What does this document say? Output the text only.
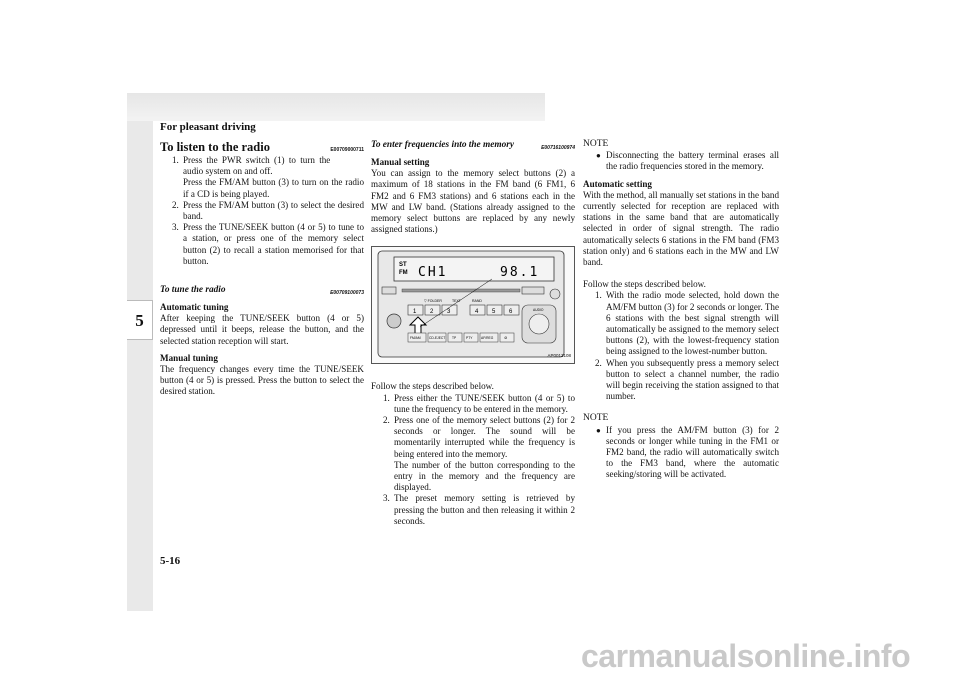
For pleasant driving
5
To listen to the radio	E00709000711
1. Press the PWR switch (1) to turn the audio system on and off.
Press the FM/AM button (3) to turn on the radio if a CD is being played.
2. Press the FM/AM button (3) to select the desired band.
3. Press the TUNE/SEEK button (4 or 5) to tune to a station, or press one of the memory select button (2) to recall a station memorised for that button.
To tune the radio	E00709100073
Automatic tuning

After keeping the TUNE/SEEK button (4 or 5) depressed until it beeps, release the button, and the selected station reception will start.

Manual tuning

The frequency changes every time the TUNE/SEEK button (4 or 5) is pressed. Press the button to select the desired station.

To enter frequencies into the memory	E00716100974
Manual setting

You can assign to the memory select buttons (2) a maximum of 18 stations in the FM band (6 FM1, 6 FM2 and 6 FM3 stations) and 6 stations each in the MW and LW band. (Stations already assigned to the memory select buttons are replaced by any newly assigned stations.)

ST
FM CH1	98.1
▽ FOLDER	TEXT	RAND
1 2 3	4 5 6
FM/AM	CD-EJECT TP	PTY	AF/REG	⊘
AUDIO
AP0013108

Follow the steps described below.

1. Press either the TUNE/SEEK button (4 or 5) to tune the frequency to be entered in the memory.
2. Press one of the memory select buttons (2) for 2 seconds or longer. The sound will be momentarily interrupted while the frequency is being entered into the memory.
The number of the button corresponding to the entry in the memory and the frequency are displayed.
3. The preset memory setting is retrieved by pressing the button and then releasing it within 2 seconds.

NOTE

● Disconnecting the battery terminal erases all the radio frequencies stored in the memory.

Automatic setting

With the method, all manually set stations in the band currently selected for reception are replaced with stations in the same band that are automatically selected in order of signal strength. The radio automatically selects 6 stations in the FM band (FM3 station only) and 6 stations each in the MW and LW band.

Follow the steps described below.

1. With the radio mode selected, hold down the AM/FM button (3) for 2 seconds or longer. The 6 stations with the best signal strength will automatically be assigned to the memory select buttons (2), with the lowest-frequency station being assigned to the lowest-number button.
2. When you subsequently press a memory select button to select a channel number, the radio will begin receiving the station assigned to that number.

NOTE

● If you press the AM/FM button (3) for 2 seconds or longer while tuning in the FM1 or FM2 band, the radio will automatically switch to the FM3 band, where the automatic seeking/storing will be activated.

5-16
carmanualsonline.info
